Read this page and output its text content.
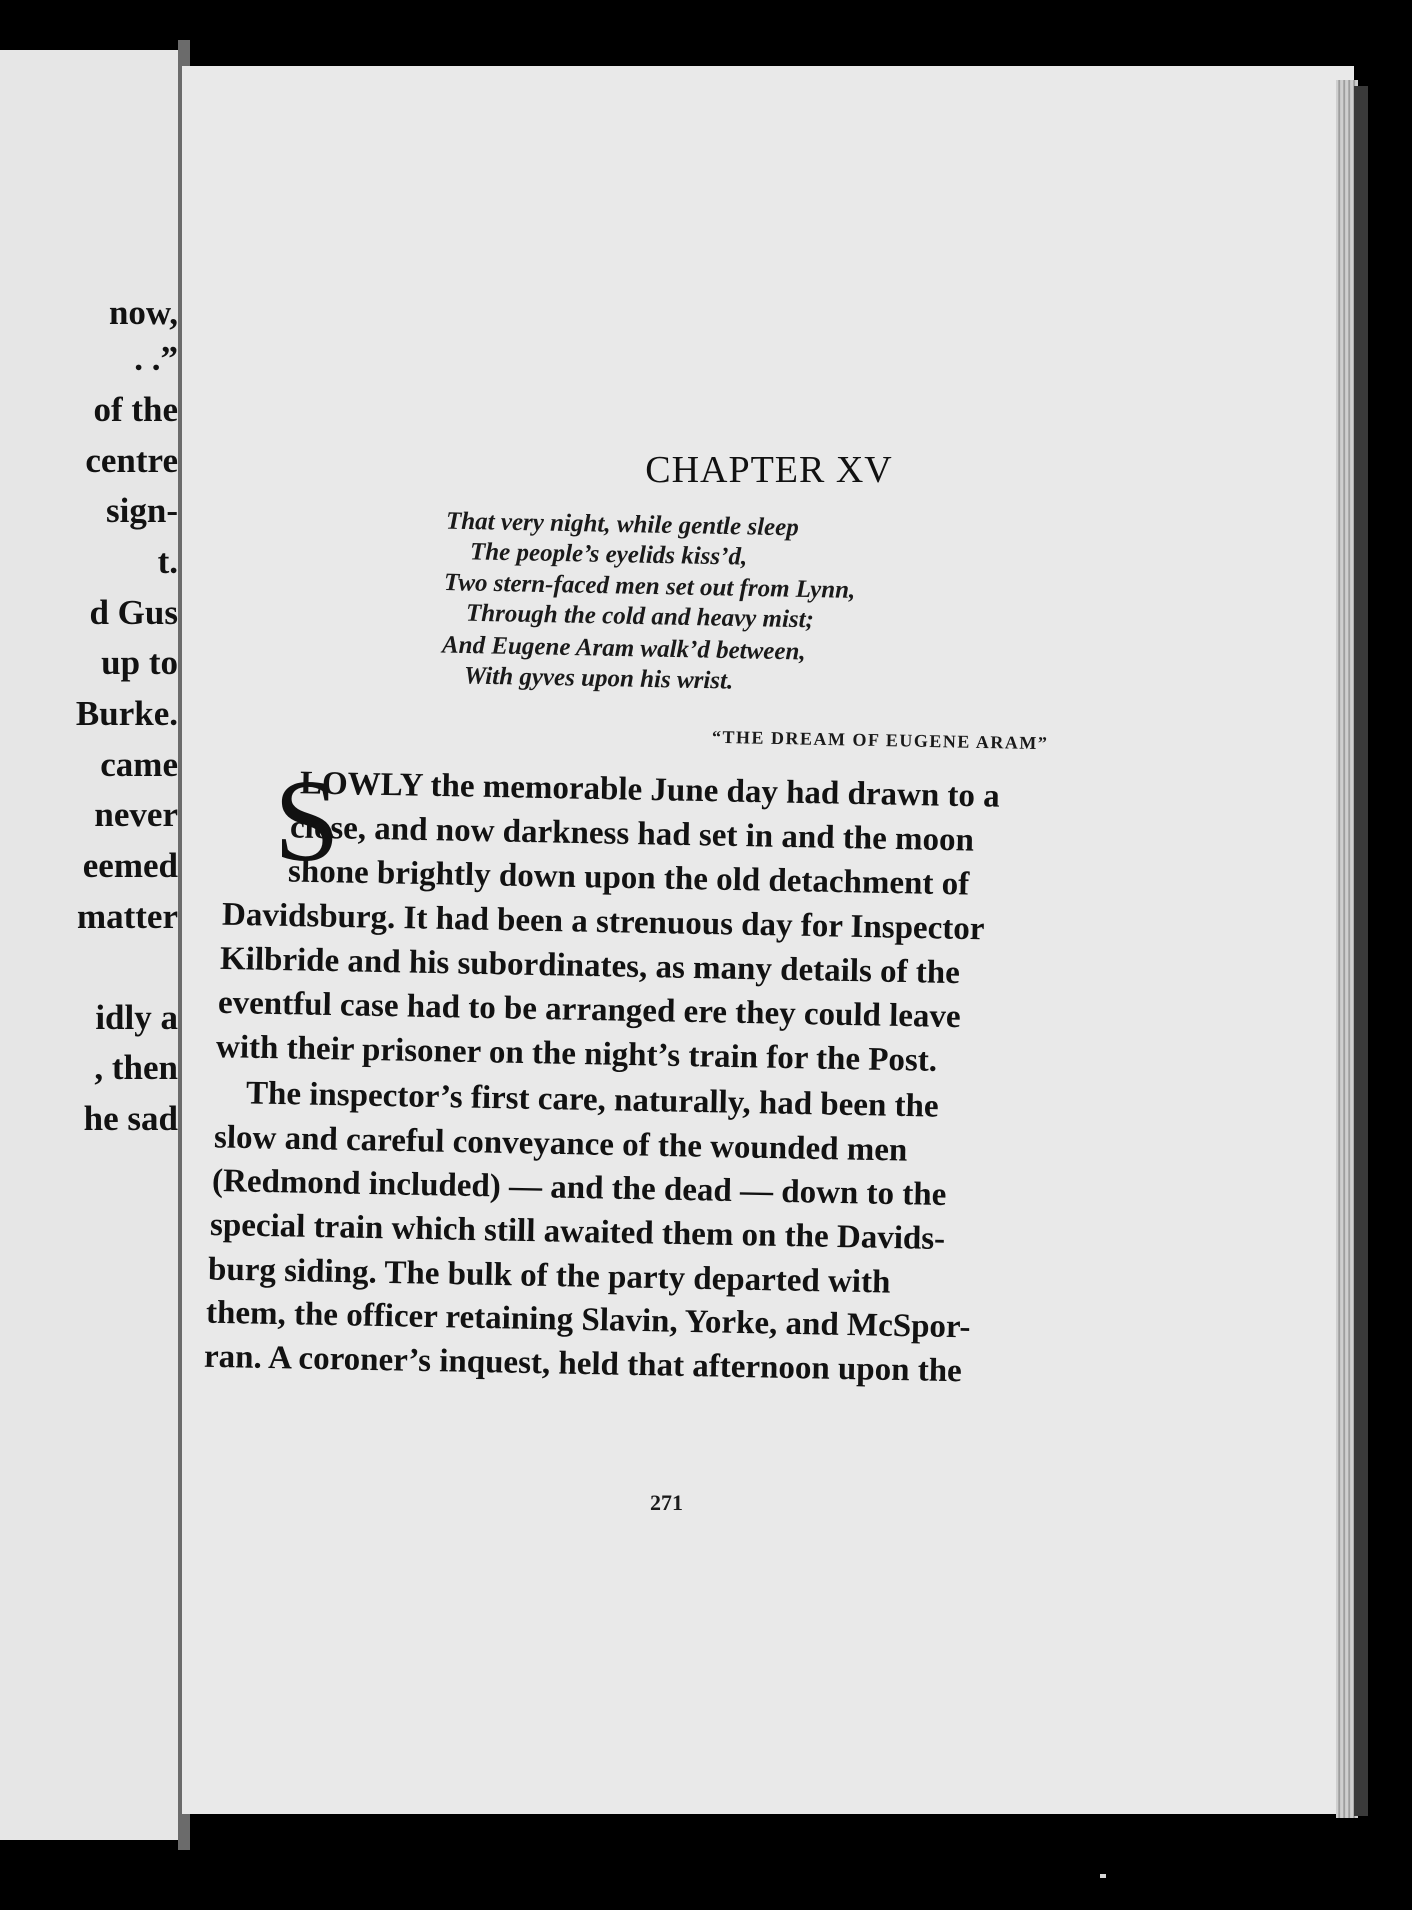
now,
. .”
of the
centre
sign-
t.
d Gus
up to
Burke.
came
never
eemed
matter
idly a
, then
he sad
CHAPTER XV
That very night, while gentle sleep
The people’s eyelids kiss’d,
Two stern-faced men set out from Lynn,
Through the cold and heavy mist;
And Eugene Aram walk’d between,
With gyves upon his wrist.
“THE DREAM OF EUGENE ARAM”
S
LOWLY the memorable June day had drawn to a
close, and now darkness had set in and the moon
shone brightly down upon the old detachment of
Davidsburg. It had been a strenuous day for Inspector
Kilbride and his subordinates, as many details of the
eventful case had to be arranged ere they could leave
with their prisoner on the night’s train for the Post.
The inspector’s first care, naturally, had been the
slow and careful conveyance of the wounded men
(Redmond included) — and the dead — down to the
special train which still awaited them on the Davids-
burg siding. The bulk of the party departed with
them, the officer retaining Slavin, Yorke, and McSpor-
ran. A coroner’s inquest, held that afternoon upon the
271
